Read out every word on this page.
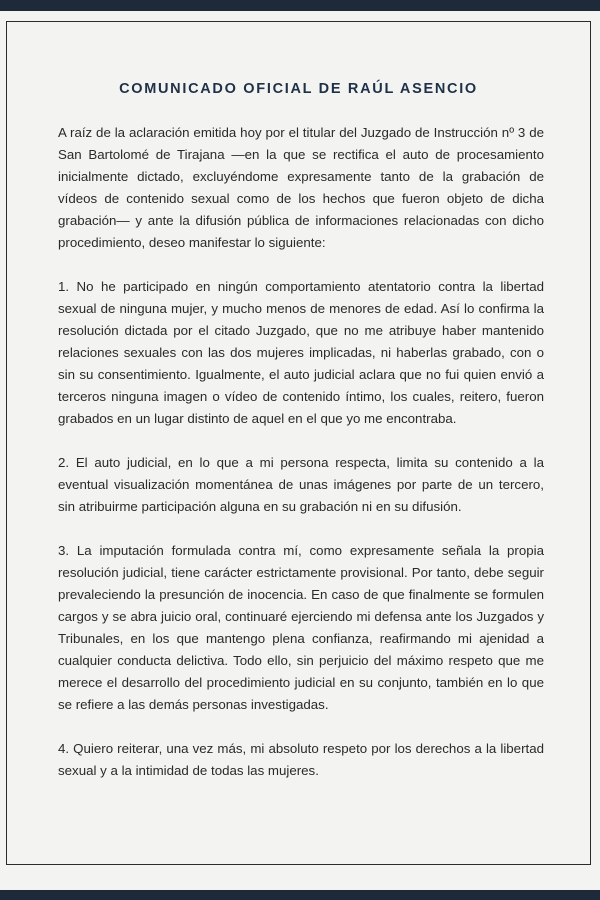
COMUNICADO OFICIAL DE RAÚL ASENCIO

A raíz de la aclaración emitida hoy por el titular del Juzgado de Instrucción nº 3 de San Bartolomé de Tirajana —en la que se rectifica el auto de procesamiento inicialmente dictado, excluyéndome expresamente tanto de la grabación de vídeos de contenido sexual como de los hechos que fueron objeto de dicha grabación— y ante la difusión pública de informaciones relacionadas con dicho procedimiento, deseo manifestar lo siguiente:

1. No he participado en ningún comportamiento atentatorio contra la libertad sexual de ninguna mujer, y mucho menos de menores de edad. Así lo confirma la resolución dictada por el citado Juzgado, que no me atribuye haber mantenido relaciones sexuales con las dos mujeres implicadas, ni haberlas grabado, con o sin su consentimiento. Igualmente, el auto judicial aclara que no fui quien envió a terceros ninguna imagen o vídeo de contenido íntimo, los cuales, reitero, fueron grabados en un lugar distinto de aquel en el que yo me encontraba.

2. El auto judicial, en lo que a mi persona respecta, limita su contenido a la eventual visualización momentánea de unas imágenes por parte de un tercero, sin atribuirme participación alguna en su grabación ni en su difusión.

3. La imputación formulada contra mí, como expresamente señala la propia resolución judicial, tiene carácter estrictamente provisional. Por tanto, debe seguir prevaleciendo la presunción de inocencia. En caso de que finalmente se formulen cargos y se abra juicio oral, continuaré ejerciendo mi defensa ante los Juzgados y Tribunales, en los que mantengo plena confianza, reafirmando mi ajenidad a cualquier conducta delictiva. Todo ello, sin perjuicio del máximo respeto que me merece el desarrollo del procedimiento judicial en su conjunto, también en lo que se refiere a las demás personas investigadas.

4. Quiero reiterar, una vez más, mi absoluto respeto por los derechos a la libertad sexual y a la intimidad de todas las mujeres.
